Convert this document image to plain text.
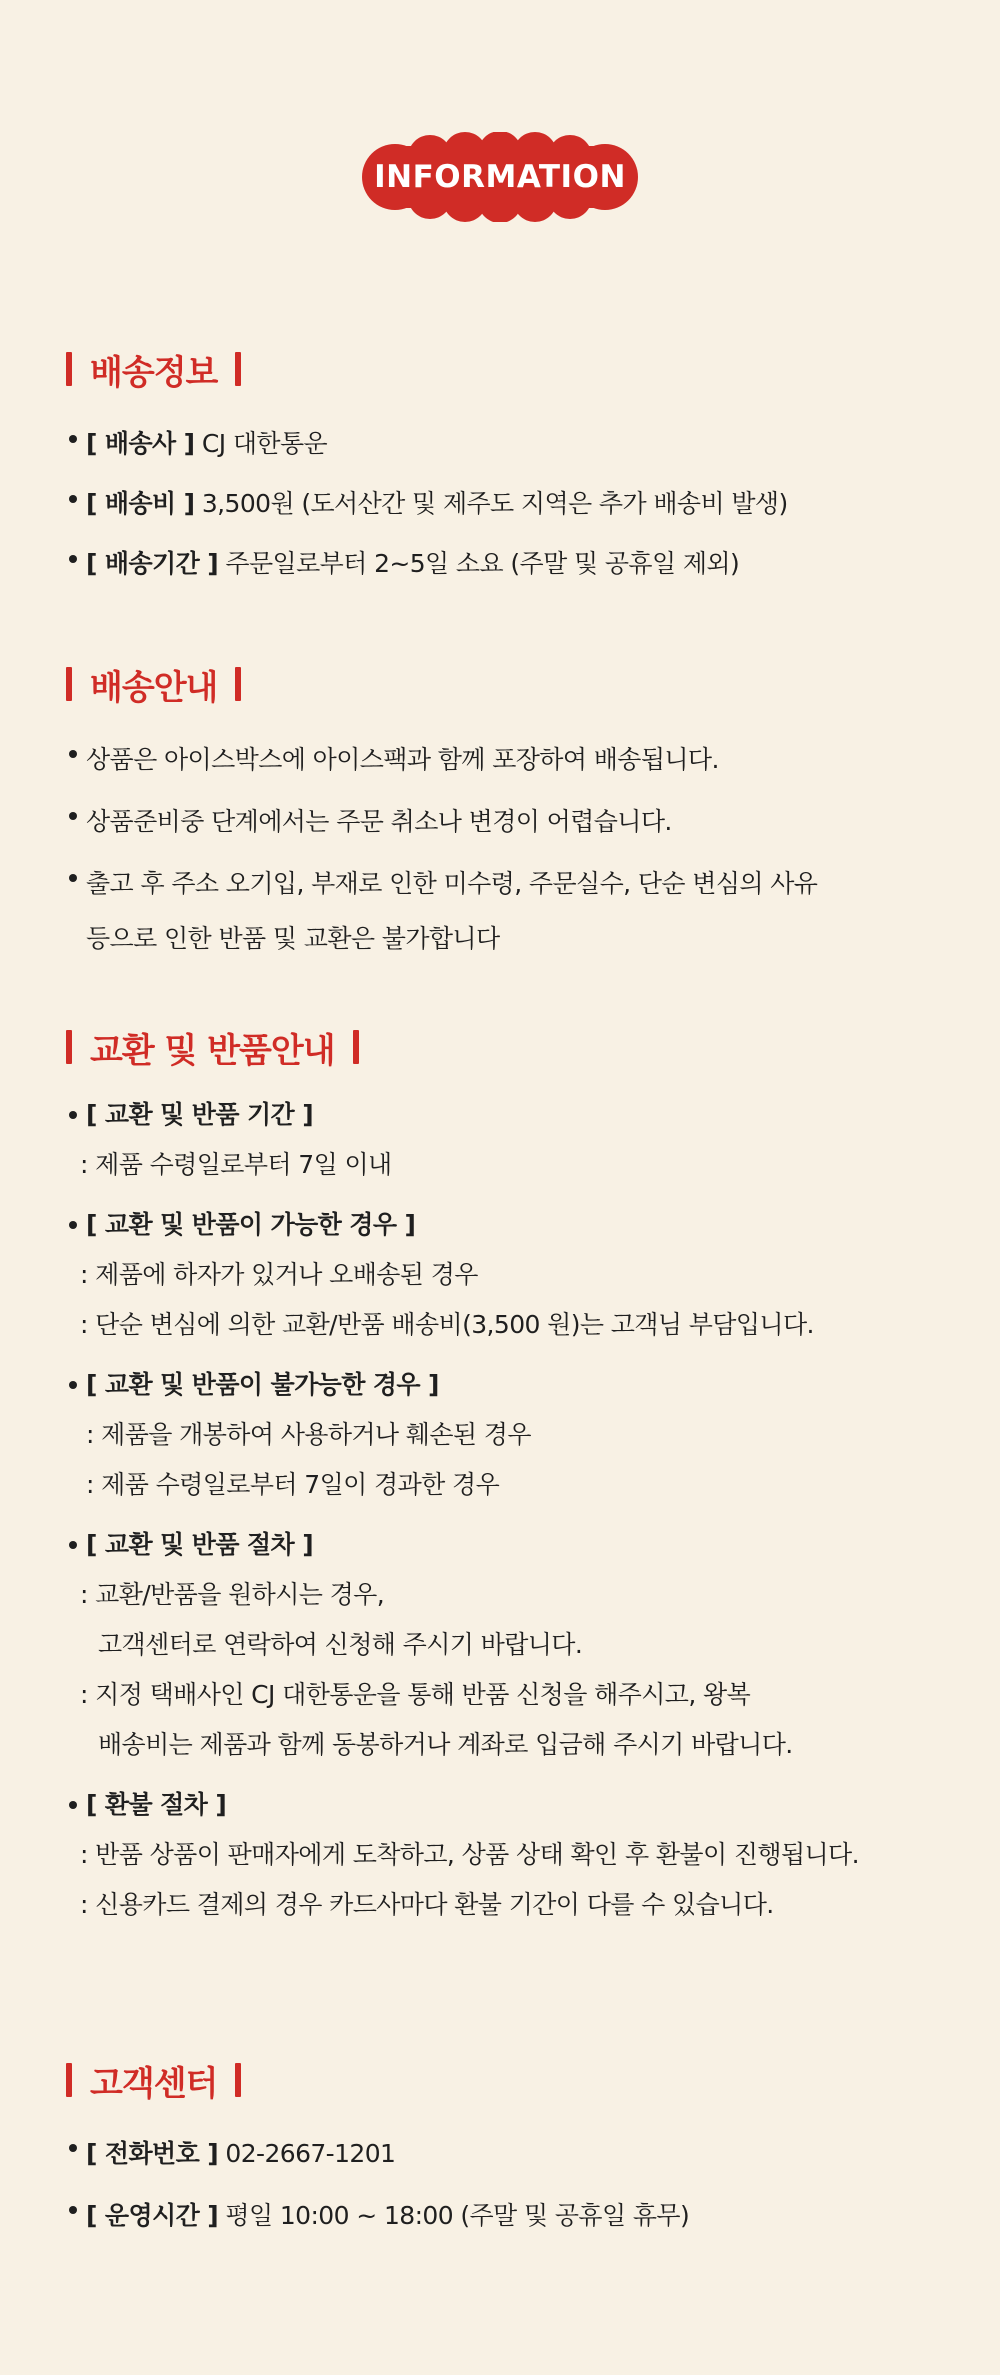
INFORMATION
배송정보
[ 배송사 ] CJ 대한통운
[ 배송비 ] 3,500원 (도서산간 및 제주도 지역은 추가 배송비 발생)
[ 배송기간 ] 주문일로부터 2~5일 소요 (주말 및 공휴일 제외)
배송안내
상품은 아이스박스에 아이스팩과 함께 포장하여 배송됩니다.
상품준비중 단계에서는 주문 취소나 변경이 어렵습니다.
출고 후 주소 오기입, 부재로 인한 미수령, 주문실수, 단순 변심의 사유
등으로 인한 반품 및 교환은 불가합니다
교환 및 반품안내
[ 교환 및 반품 기간 ]
: 제품 수령일로부터 7일 이내
[ 교환 및 반품이 가능한 경우 ]
: 제품에 하자가 있거나 오배송된 경우
: 단순 변심에 의한 교환/반품 배송비(3,500 원)는 고객님 부담입니다.
[ 교환 및 반품이 불가능한 경우 ]
: 제품을 개봉하여 사용하거나 훼손된 경우
: 제품 수령일로부터 7일이 경과한 경우
[ 교환 및 반품 절차 ]
: 교환/반품을 원하시는 경우,
고객센터로 연락하여 신청해 주시기 바랍니다.
: 지정 택배사인 CJ 대한통운을 통해 반품 신청을 해주시고, 왕복
배송비는 제품과 함께 동봉하거나 계좌로 입금해 주시기 바랍니다.
[ 환불 절차 ]
: 반품 상품이 판매자에게 도착하고, 상품 상태 확인 후 환불이 진행됩니다.
: 신용카드 결제의 경우 카드사마다 환불 기간이 다를 수 있습니다.
고객센터
[ 전화번호 ] 02-2667-1201
[ 운영시간 ] 평일 10:00 ~ 18:00 (주말 및 공휴일 휴무)
